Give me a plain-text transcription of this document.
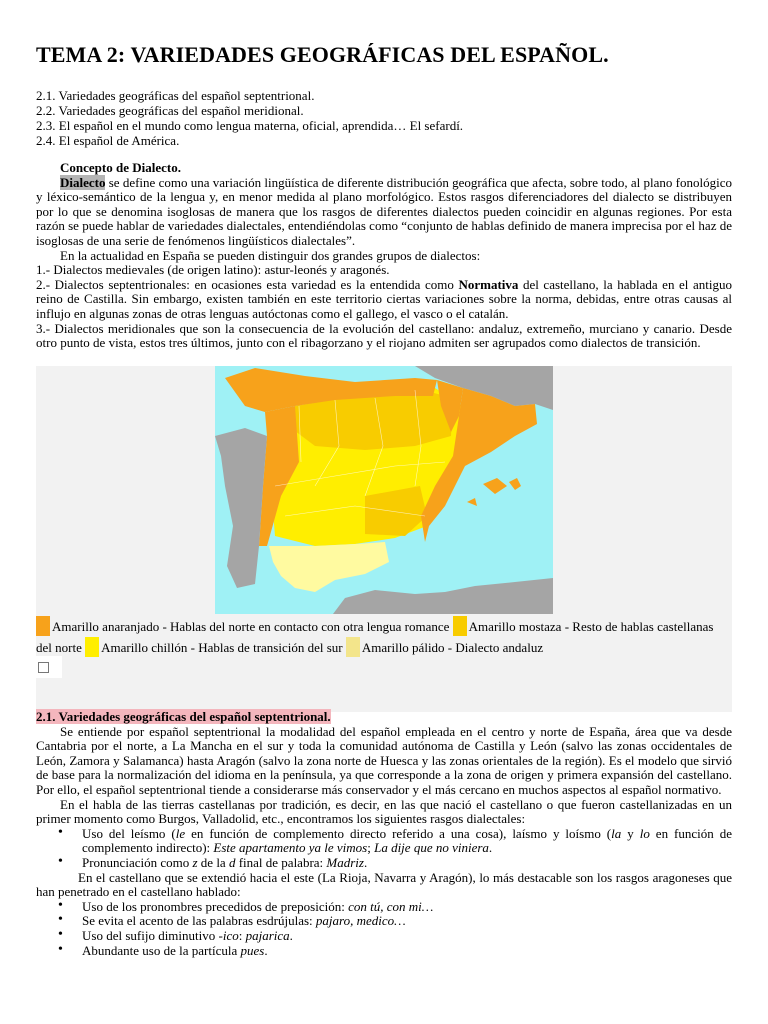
TEMA 2: VARIEDADES GEOGRÁFICAS DEL ESPAÑOL.
2.1. Variedades geográficas del español septentrional.
2.2. Variedades geográficas del español meridional.
2.3. El español en el mundo como lengua materna, oficial, aprendida… El sefardí.
2.4. El español de América.
Concepto de Dialecto.
Dialecto se define como una variación lingüística de diferente distribución geográfica que afecta, sobre todo, al plano fonológico y léxico-semántico de la lengua y, en menor medida al plano morfológico. Estos rasgos diferenciadores del dialecto se distribuyen por lo que se denomina isoglosas de manera que los rasgos de diferentes dialectos pueden coincidir en algunas regiones. Por esta razón se puede hablar de variedades dialectales, entendiéndolas como “conjunto de hablas definido de manera imprecisa por el haz de isoglosas de una serie de fenómenos lingüísticos dialectales”.
En la actualidad en España se pueden distinguir dos grandes grupos de dialectos:
1.- Dialectos medievales (de origen latino): astur-leonés y aragonés.
2.- Dialectos septentrionales: en ocasiones esta variedad es la entendida como Normativa del castellano, la hablada en el antiguo reino de Castilla. Sin embargo, existen también en este territorio ciertas variaciones sobre la norma, debidas, entre otras causas al influjo en algunas zonas de otras lenguas autóctonas como el gallego, el vasco o el catalán.
3.- Dialectos meridionales que son la consecuencia de la evolución del castellano: andaluz, extremeño, murciano y canario. Desde otro punto de vista, estos tres últimos, junto con el ribagorzano y el riojano admiten ser agrupados como dialectos de transición.
Amarillo anaranjado - Hablas del norte en contacto con otra lengua romance Amarillo mostaza - Resto de hablas castellanas del norte Amarillo chillón - Hablas de transición del sur Amarillo pálido - Dialecto andaluz
2.1. Variedades geográficas del español septentrional.
Se entiende por español septentrional la modalidad del español empleada en el centro y norte de España, área que va desde Cantabria por el norte, a La Mancha en el sur y toda la comunidad autónoma de Castilla y León (salvo las zonas occidentales de León, Zamora y Salamanca) hasta Aragón (salvo la zona norte de Huesca y las zonas orientales de la región). Es el modelo que sirvió de base para la normalización del idioma en la península, ya que corresponde a la zona de origen y primera expansión del castellano. Por ello, el español septentrional tiende a considerarse más conservador y el más cercano en muchos aspectos al español normativo.
En el habla de las tierras castellanas por tradición, es decir, en las que nació el castellano o que fueron castellanizadas en un primer momento como Burgos, Valladolid, etc., encontramos los siguientes rasgos dialectales:
• Uso del leísmo (le en función de complemento directo referido a una cosa), laísmo y loísmo (la y lo en función de complemento indirecto): Este apartamento ya le vimos; La dije que no viniera.
• Pronunciación como z de la d final de palabra: Madriz.
En el castellano que se extendió hacia el este (La Rioja, Navarra y Aragón), lo más destacable son los rasgos aragoneses que han penetrado en el castellano hablado:
• Uso de los pronombres precedidos de preposición: con tú, con mi…
• Se evita el acento de las palabras esdrújulas: pajaro, medico…
• Uso del sufijo diminutivo -ico: pajarica.
• Abundante uso de la partícula pues.
